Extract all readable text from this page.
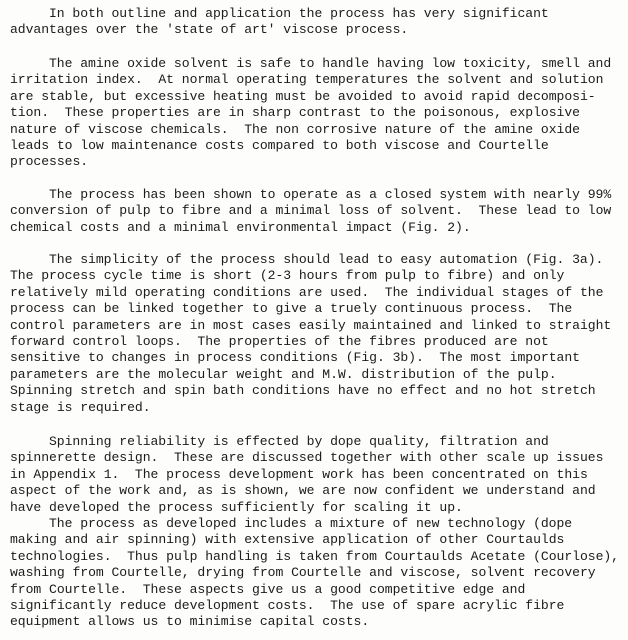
In both outline and application the process has very significant
advantages over the 'state of art' viscose process.
The amine oxide solvent is safe to handle having low toxicity, smell and
irritation index.  At normal operating temperatures the solvent and solution
are stable, but excessive heating must be avoided to avoid rapid decomposi-
tion.  These properties are in sharp contrast to the poisonous, explosive
nature of viscose chemicals.  The non corrosive nature of the amine oxide
leads to low maintenance costs compared to both viscose and Courtelle
processes.
The process has been shown to operate as a closed system with nearly 99%
conversion of pulp to fibre and a minimal loss of solvent.  These lead to low
chemical costs and a minimal environmental impact (Fig. 2).
The simplicity of the process should lead to easy automation (Fig. 3a).
The process cycle time is short (2-3 hours from pulp to fibre) and only
relatively mild operating conditions are used.  The individual stages of the
process can be linked together to give a truely continuous process.  The
control parameters are in most cases easily maintained and linked to straight
forward control loops.  The properties of the fibres produced are not
sensitive to changes in process conditions (Fig. 3b).  The most important
parameters are the molecular weight and M.W. distribution of the pulp.
Spinning stretch and spin bath conditions have no effect and no hot stretch
stage is required.
Spinning reliability is effected by dope quality, filtration and
spinnerette design.  These are discussed together with other scale up issues
in Appendix 1.  The process development work has been concentrated on this
aspect of the work and, as is shown, we are now confident we understand and
have developed the process sufficiently for scaling it up.
The process as developed includes a mixture of new technology (dope
making and air spinning) with extensive application of other Courtaulds
technologies.  Thus pulp handling is taken from Courtaulds Acetate (Courlose),
washing from Courtelle, drying from Courtelle and viscose, solvent recovery
from Courtelle.  These aspects give us a good competitive edge and
significantly reduce development costs.  The use of spare acrylic fibre
equipment allows us to minimise capital costs.
